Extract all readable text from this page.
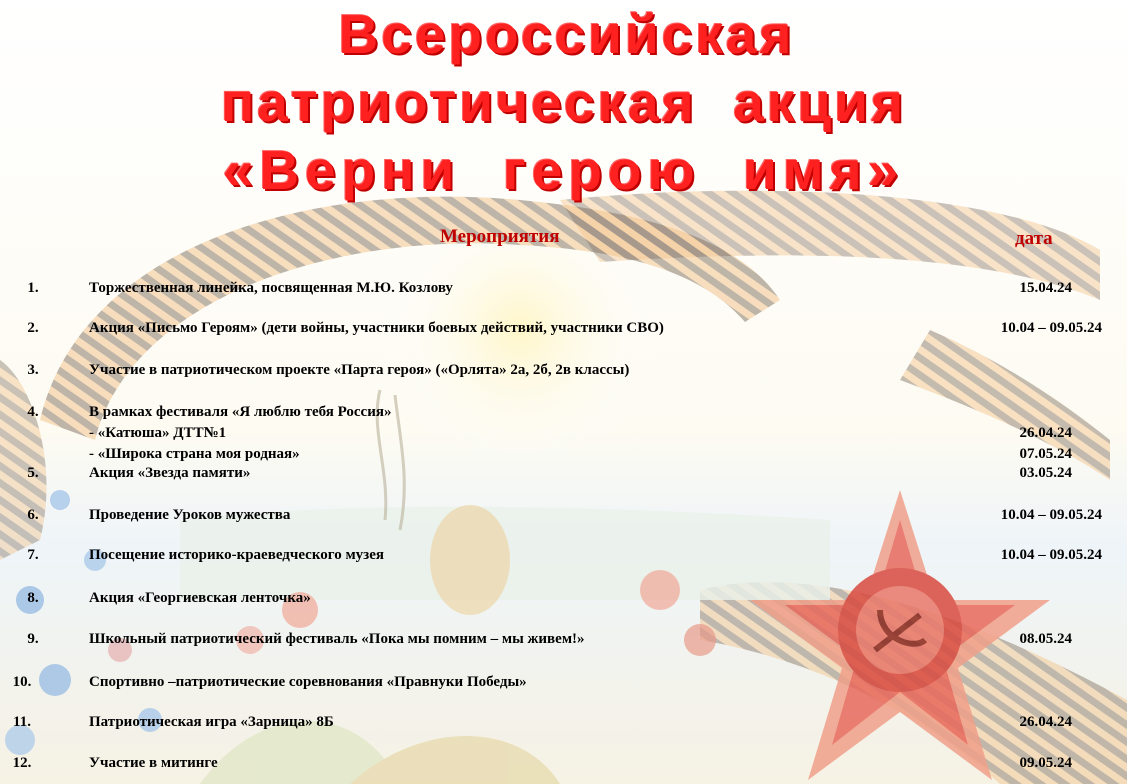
Всероссийская
патриотическая  акция
«Верни  герою  имя»
Мероприятия	дата
1.	Торжественная линейка, посвященная М.Ю. Козлову	15.04.24
2.	Акция «Письмо Героям» (дети войны, участники боевых действий, участники СВО)	10.04 – 09.05.24
3.	Участие в патриотическом проекте «Парта героя» («Орлята» 2а, 2б, 2в классы)
4.	В рамках фестиваля «Я люблю тебя Россия»
- «Катюша» ДТТ№1	26.04.24
- «Широка страна моя родная»	07.05.24
5.	Акция «Звезда памяти»	03.05.24
6.	Проведение Уроков мужества	10.04 – 09.05.24
7.	Посещение историко-краеведческого музея	10.04 – 09.05.24
8.	Акция «Георгиевская ленточка»
9.	Школьный патриотический фестиваль «Пока мы помним – мы живем!»	08.05.24
10.	Спортивно –патриотические соревнования «Правнуки Победы»
11.	Патриотическая игра «Зарница» 8Б	26.04.24
12.	Участие в митинге	09.05.24
